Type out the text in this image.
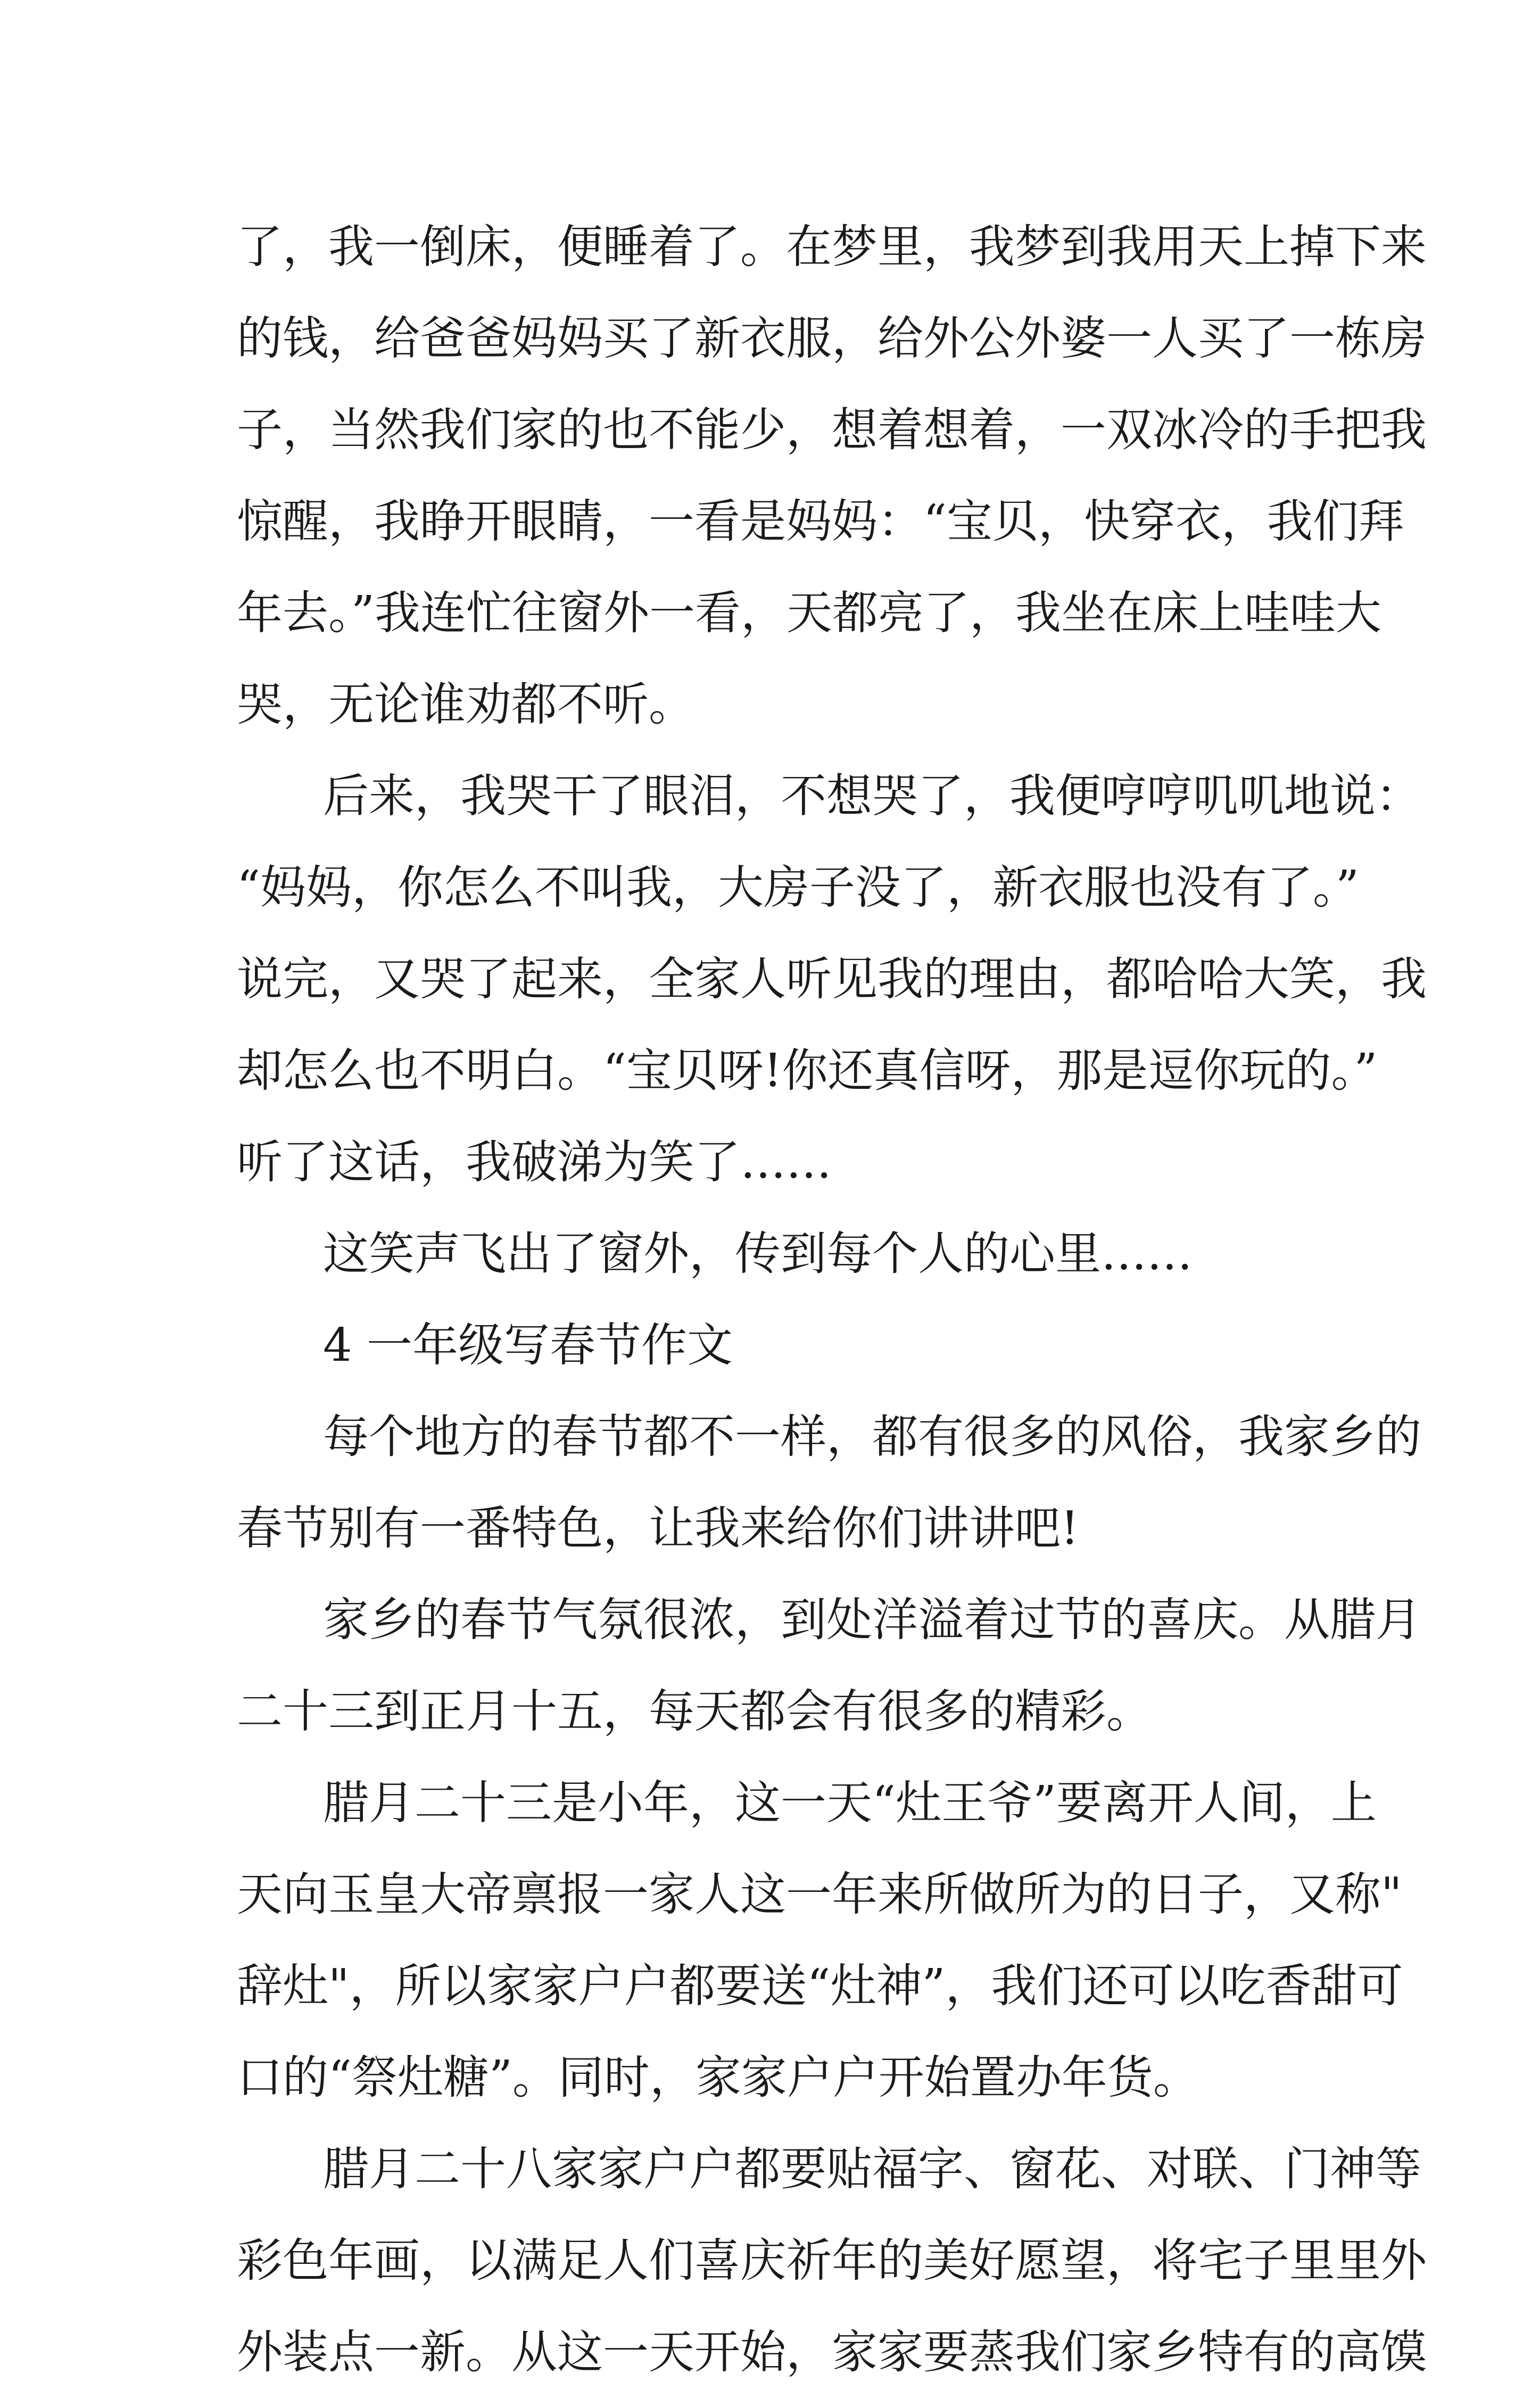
了，我一倒床，便睡着了。在梦里，我梦到我用天上掉下来
的钱，给爸爸妈妈买了新衣服，给外公外婆一人买了一栋房
子，当然我们家的也不能少，想着想着，一双冰冷的手把我
惊醒，我睁开眼睛，一看是妈妈：“宝贝，快穿衣，我们拜
年去。”我连忙往窗外一看，天都亮了，我坐在床上哇哇大
哭，无论谁劝都不听。
后来，我哭干了眼泪，不想哭了，我便哼哼叽叽地说：
“妈妈，你怎么不叫我，大房子没了，新衣服也没有了。”
说完，又哭了起来，全家人听见我的理由，都哈哈大笑，我
却怎么也不明白。“宝贝呀!你还真信呀，那是逗你玩的。”
听了这话，我破涕为笑了……
这笑声飞出了窗外，传到每个人的心里……
4 一年级写春节作文
每个地方的春节都不一样，都有很多的风俗，我家乡的
春节别有一番特色，让我来给你们讲讲吧!
家乡的春节气氛很浓，到处洋溢着过节的喜庆。从腊月
二十三到正月十五，每天都会有很多的精彩。
腊月二十三是小年，这一天“灶王爷”要离开人间，上
天向玉皇大帝禀报一家人这一年来所做所为的日子，又称"
辞灶"，所以家家户户都要送“灶神”，我们还可以吃香甜可
口的“祭灶糖”。同时，家家户户开始置办年货。
腊月二十八家家户户都要贴福字、窗花、对联、门神等
彩色年画，以满足人们喜庆祈年的美好愿望，将宅子里里外
外装点一新。从这一天开始，家家要蒸我们家乡特有的高馍
